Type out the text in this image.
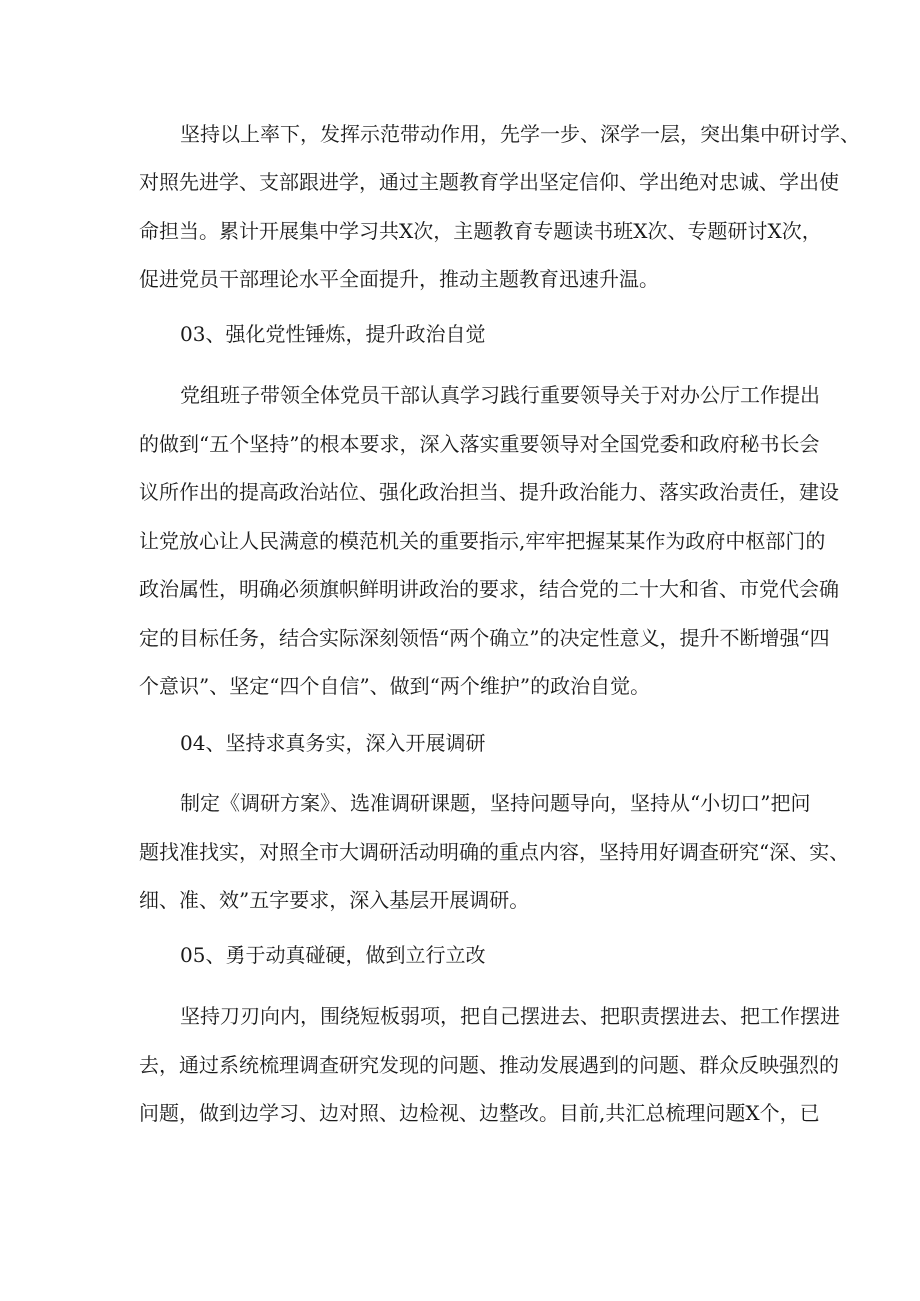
坚持以上率下，发挥示范带动作用，先学一步、深学一层，突出集中研讨学、
对照先进学、支部跟进学，通过主题教育学出坚定信仰、学出绝对忠诚、学出使
命担当。累计开展集中学习共X次，主题教育专题读书班X次、专题研讨X次，
促进党员干部理论水平全面提升，推动主题教育迅速升温。
03、强化党性锤炼，提升政治自觉
党组班子带领全体党员干部认真学习践行重要领导关于对办公厅工作提出
的做到“五个坚持”的根本要求，深入落实重要领导对全国党委和政府秘书长会
议所作出的提高政治站位、强化政治担当、提升政治能力、落实政治责任，建设
让党放心让人民满意的模范机关的重要指示,牢牢把握某某作为政府中枢部门的
政治属性，明确必须旗帜鲜明讲政治的要求，结合党的二十大和省、市党代会确
定的目标任务，结合实际深刻领悟“两个确立”的决定性意义，提升不断增强“四
个意识”、坚定“四个自信”、做到“两个维护”的政治自觉。
04、坚持求真务实，深入开展调研
制定《调研方案》、选准调研课题，坚持问题导向，坚持从“小切口”把问
题找准找实，对照全市大调研活动明确的重点内容，坚持用好调查研究“深、实、
细、准、效”五字要求，深入基层开展调研。
05、勇于动真碰硬，做到立行立改
坚持刀刃向内，围绕短板弱项，把自己摆进去、把职责摆进去、把工作摆进
去，通过系统梳理调查研究发现的问题、推动发展遇到的问题、群众反映强烈的
问题，做到边学习、边对照、边检视、边整改。目前,共汇总梳理问题X个，已
